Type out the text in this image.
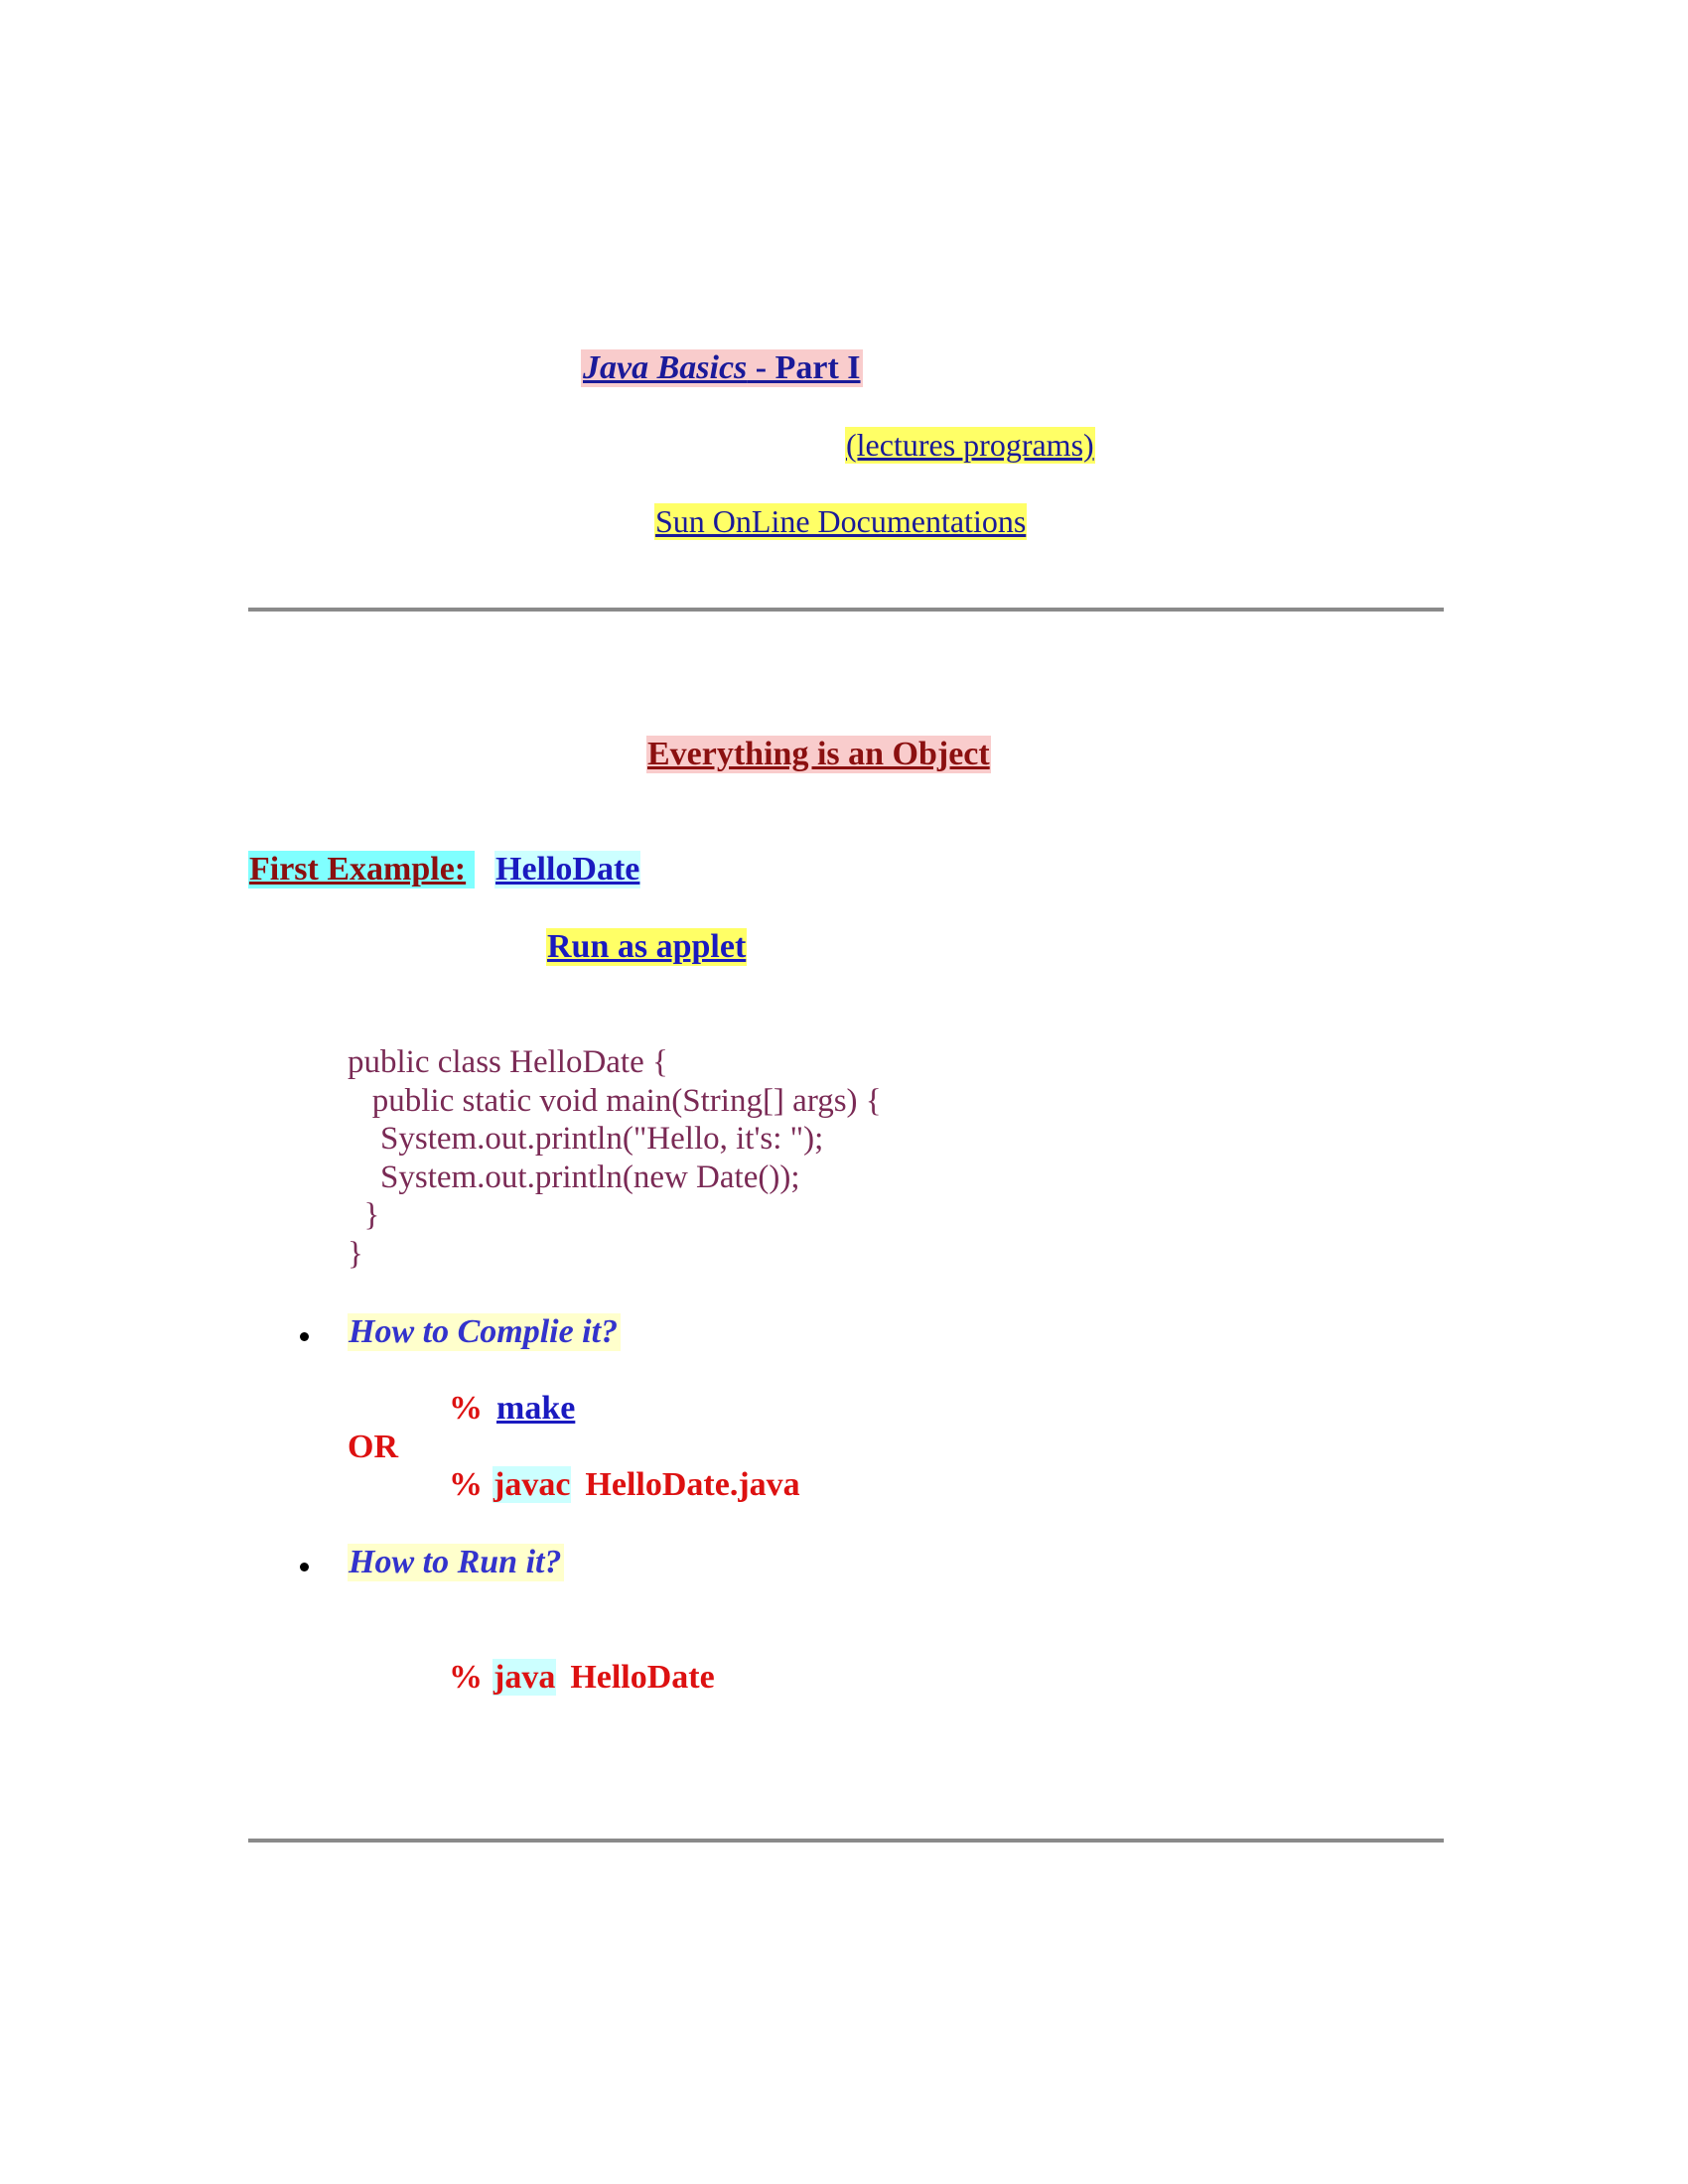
Java Basics - Part I
(lectures programs)
Sun OnLine Documentations
Everything is an Object
First Example: HelloDate
Run as applet
public class HelloDate {
public static void main(String[] args) {
System.out.println("Hello, it's: ");
System.out.println(new Date());
}
}
How to Complie it?
% make
OR
% javac HelloDate.java
How to Run it?
% java HelloDate
